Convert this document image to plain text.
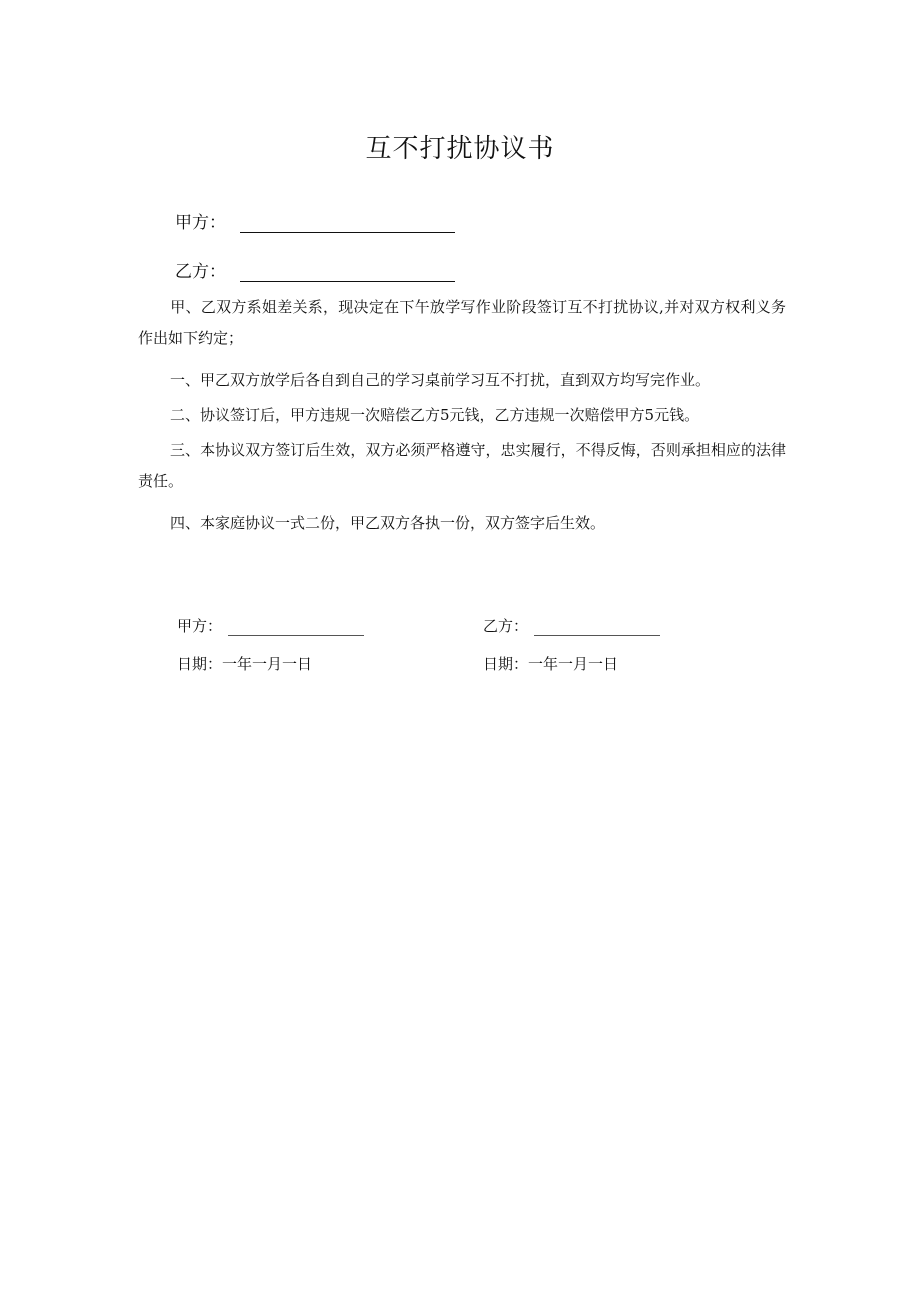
互不打扰协议书
甲方：
乙方：

甲、乙双方系姐差关系，现决定在下午放学写作业阶段签订互不打扰协议,并对双方权利义务作出如下约定；

一、甲乙双方放学后各自到自己的学习桌前学习互不打扰，直到双方均写完作业。

二、协议签订后，甲方违规一次赔偿乙方5元钱，乙方违规一次赔偿甲方5元钱。

三、本协议双方签订后生效，双方必须严格遵守，忠实履行，不得反悔，否则承担相应的法律责任。

四、本家庭协议一式二份，甲乙双方各执一份，双方签字后生效。

甲方：
日期： 一年一月一日
乙方：
日期： 一年一月一日
